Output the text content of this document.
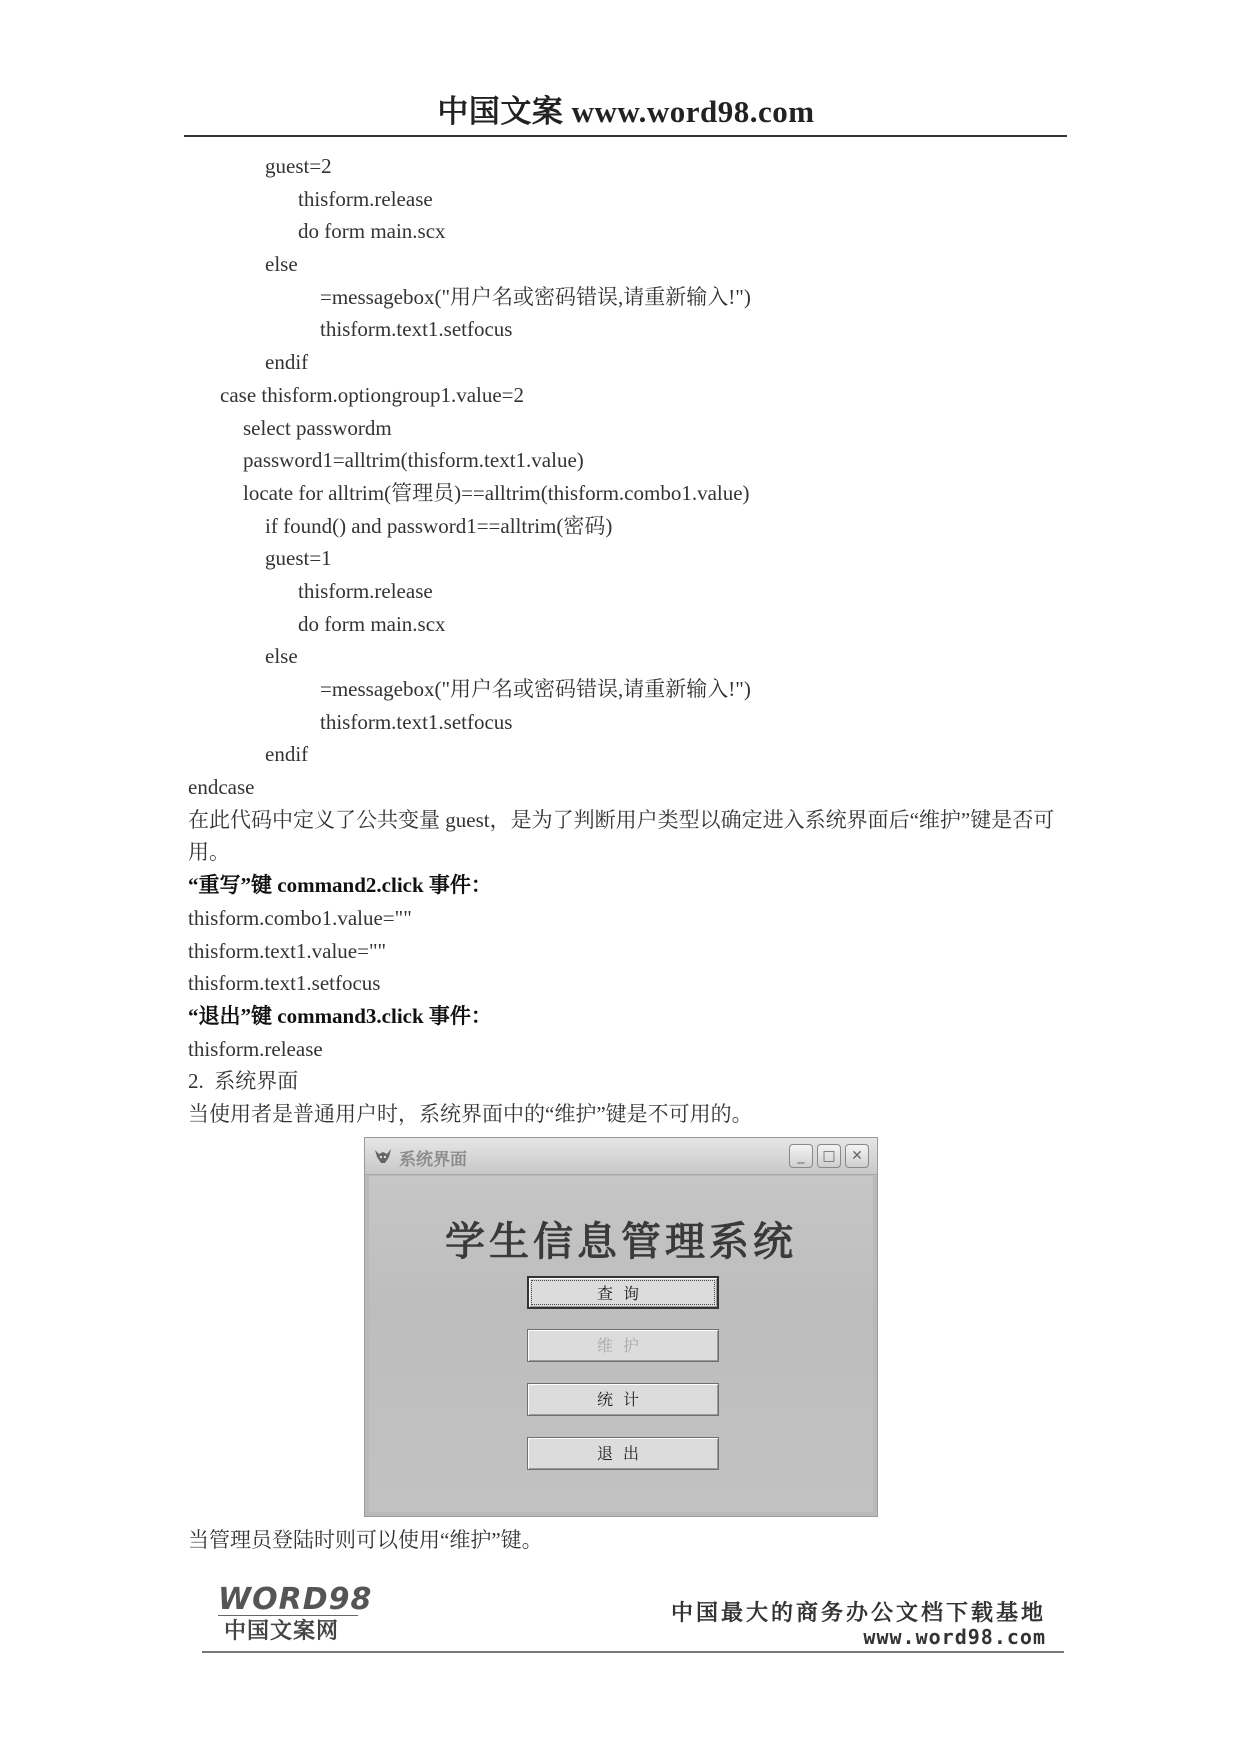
中国文案 www.word98.com
guest=2
thisform.release
do form main.scx
else
=messagebox("用户名或密码错误,请重新输入!")
thisform.text1.setfocus
endif
case thisform.optiongroup1.value=2
select passwordm
password1=alltrim(thisform.text1.value)
locate for alltrim(管理员)==alltrim(thisform.combo1.value)
if found() and password1==alltrim(密码)
guest=1
thisform.release
do form main.scx
else
=messagebox("用户名或密码错误,请重新输入!")
thisform.text1.setfocus
endif
endcase
在此代码中定义了公共变量 guest，是为了判断用户类型以确定进入系统界面后“维护”键是否可用。
“重写”键 command2.click 事件：
thisform.combo1.value=""
thisform.text1.value=""
thisform.text1.setfocus
“退出”键 command3.click 事件：
thisform.release
2.  系统界面
当使用者是普通用户时，系统界面中的“维护”键是不可用的。
系统界面	_	□	✕
学生信息管理系统
查询
维护
统计
退出
当管理员登陆时则可以使用“维护”键。
WORD98
中国文案网
中国最大的商务办公文档下载基地
www.word98.com
